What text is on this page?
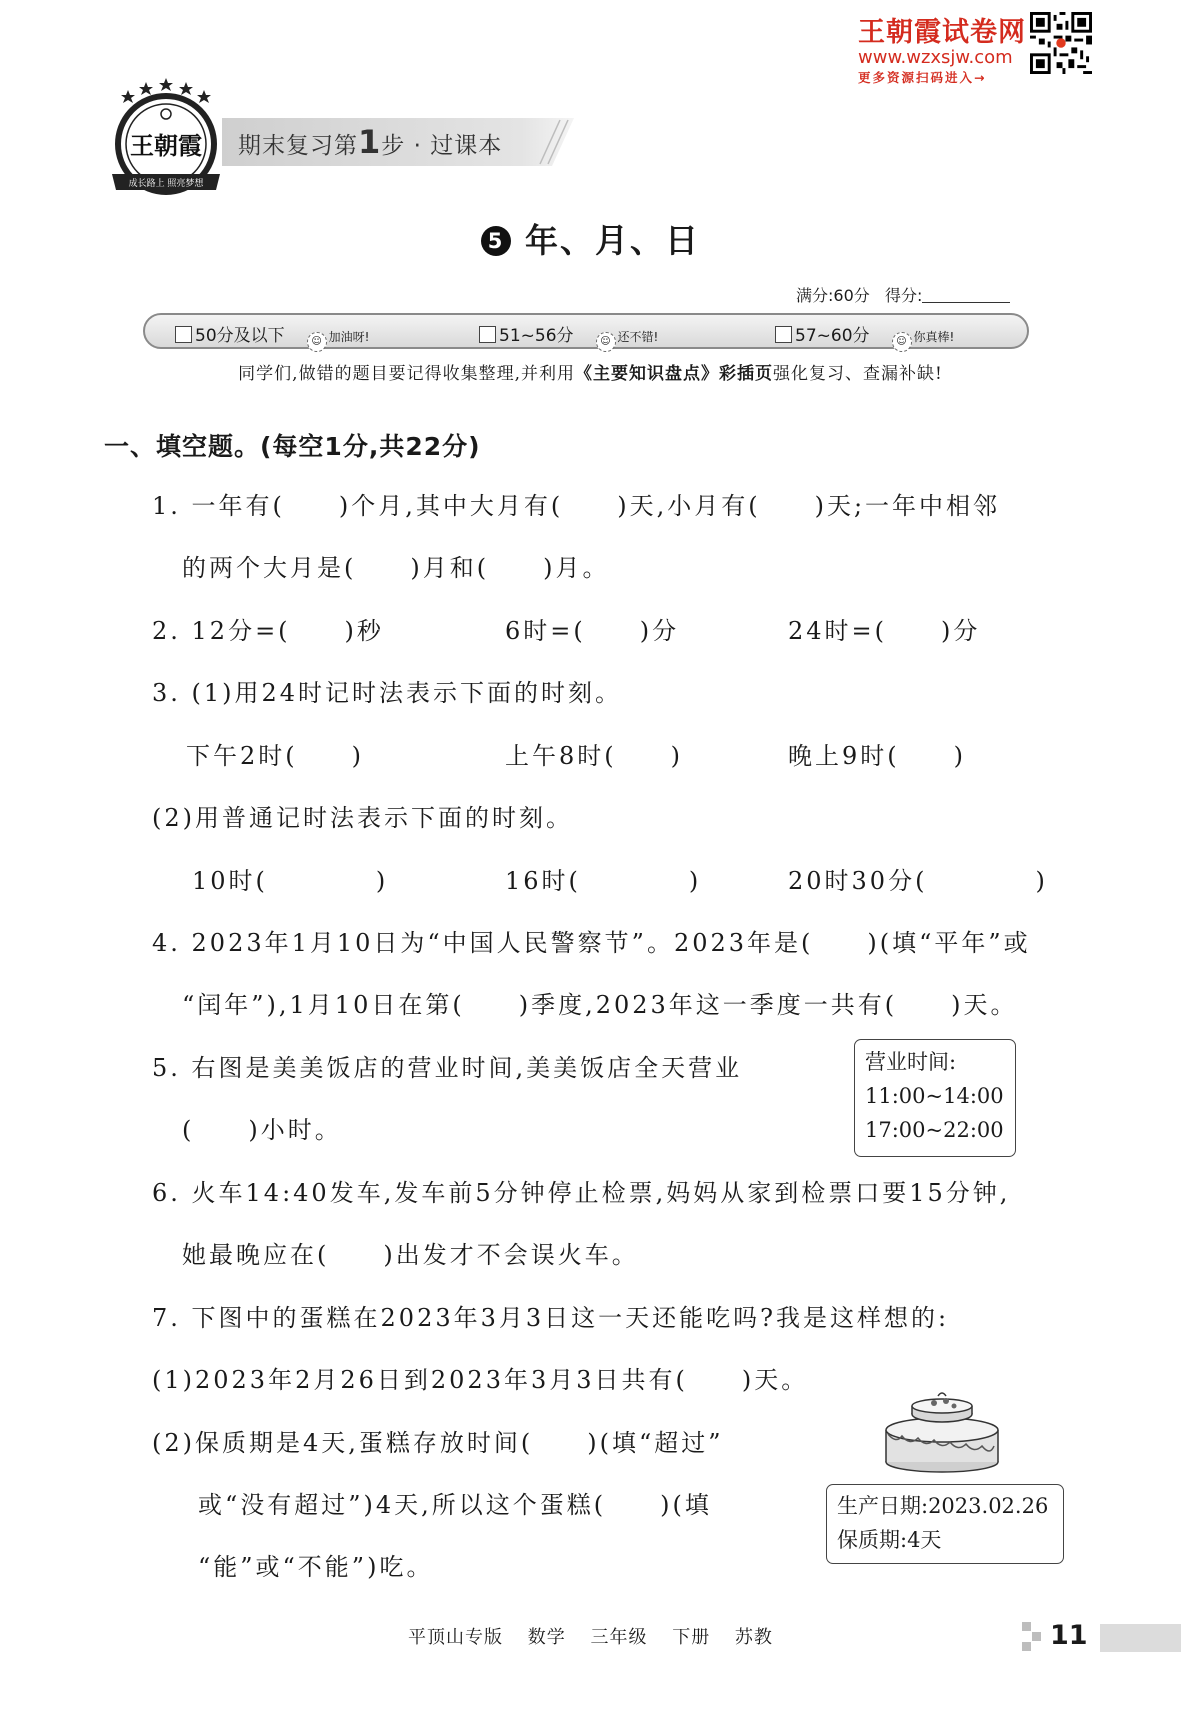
王朝霞试卷网
www.wzxsjw.com
更多资源扫码进入→
成长路上 照亮梦想
王朝霞 期末复习第1步 · 过课本
5 年、月、日
满分:60分 得分:
50分及以下	☺ 加油呀!	51~56分	☺ 还不错!	57~60分	☺ 你真棒!
同学们,做错的题目要记得收集整理,并利用《主要知识盘点》彩插页强化复习、查漏补缺!
一、填空题。(每空1分,共22分)
1. 一年有(　　)个月,其中大月有(　　)天,小月有(　　)天;一年中相邻
的两个大月是(　　)月和(　　)月。
2. 12分=(　　)秒	6时=(　　)分	24时=(　　)分
3. (1)用24时记时法表示下面的时刻。
下午2时(　　)	上午8时(　　)	晚上9时(　　)
(2)用普通记时法表示下面的时刻。
10时(　　　　)	16时(　　　　)	20时30分(　　　　)
4. 2023年1月10日为“中国人民警察节”。2023年是(　　)(填“平年”或
“闰年”),1月10日在第(　　)季度,2023年这一季度一共有(　　)天。
5. 右图是美美饭店的营业时间,美美饭店全天营业
(　　)小时。
营业时间:
11:00~14:00
17:00~22:00
6. 火车14:40发车,发车前5分钟停止检票,妈妈从家到检票口要15分钟,
她最晚应在(　　)出发才不会误火车。
7. 下图中的蛋糕在2023年3月3日这一天还能吃吗?我是这样想的:
(1)2023年2月26日到2023年3月3日共有(　　)天。
(2)保质期是4天,蛋糕存放时间(　　)(填“超过”
或“没有超过”)4天,所以这个蛋糕(　　)(填
“能”或“不能”)吃。
生产日期:2023.02.26
保质期:4天
平顶山专版 数学 三年级 下册 苏教	11
